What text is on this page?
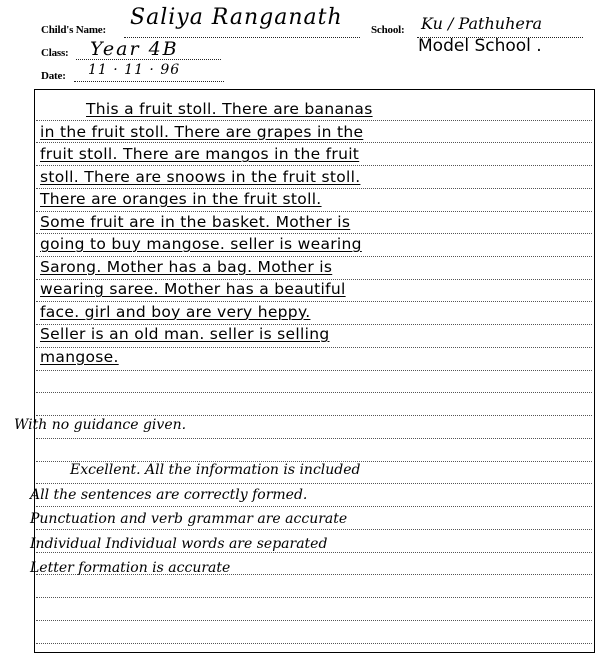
Child's Name: Saliya Ranganath
Class: Year 4B
Date: 11 · 11 · 96
School: Ku / Pathuhera
Model School .
This a fruit stoll. There are bananas
in the fruit stoll. There are grapes in the
fruit stoll. There are mangos in the fruit
stoll. There are snoows in the fruit stoll.
There are oranges in the fruit stoll.
Some fruit are in the basket. Mother is
going to buy mangose. seller is wearing
Sarong. Mother has a bag. Mother is
wearing saree. Mother has a beautiful
face. girl and boy are very heppy.
Seller is an old man. seller is selling
mangose.
With no guidance given.
Excellent. All the information is included
All the sentences are correctly formed.
Punctuation and verb grammar are accurate
Individual Individual words are separated
Letter formation is accurate
